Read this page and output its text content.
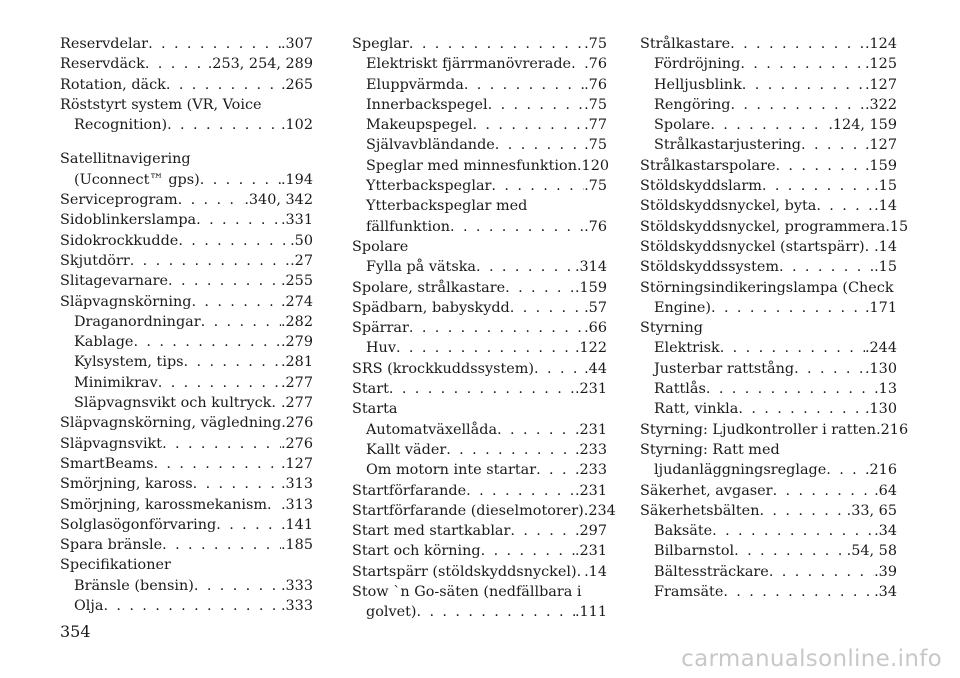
Reservdelar . . .	.307
Reservdäck . . .	.253, 254, 289
Rotation, däck . . .	.265
Röststyrt system (VR, Voice
Recognition) . . .	.102
Satellitnavigering
(Uconnect™ gps) . . .	.194
Serviceprogram . . .	.340, 342
Sidoblinkerslampa . . .	.331
Sidokrockkudde . . .	.50
Skjutdörr . . .	.27
Slitagevarnare . . .	.255
Släpvagnskörning . . .	.274
Draganordningar . . .	.282
Kablage . . .	.279
Kylsystem, tips . . .	.281
Minimikrav . . .	.277
Släpvagnsvikt och kultryck . . . .277
Släpvagnskörning, vägledning .276
Släpvagnsvikt . . .	.276
SmartBeams . . .	.127
Smörjning, kaross . . .	.313
Smörjning, karossmekanism . . . .313
Solglasögonförvaring . . .	.141
Spara bränsle . . .	.185
Specifikationer
Bränsle (bensin) . . .	.333
Olja . . .	.333
Speglar . . .	.75
Elektriskt fjärrmanövrerade . . . .76
Eluppvärmda . . .	.76
Innerbackspegel . . .	.75
Makeupspegel . . .	.77
Självavbländande . . .	.75
Speglar med minnesfunktion .120
Ytterbackspeglar . . .	.75
Ytterbackspeglar med
fällfunktion . . .	.76
Spolare
Fylla på vätska . . .	.314
Spolare, strålkastare . . .	.159
Spädbarn, babyskydd . . .	.57
Spärrar . . .	.66
Huv . . .	.122
SRS (krockkuddssystem) . . .	.44
Start . . .	.231
Starta
Automatväxellåda . . .	.231
Kallt väder . . .	.233
Om motorn inte startar . . .	.233
Startförfarande . . .	.231
Startförfarande (dieselmotorer) .234
Start med startkablar . . .	.297
Start och körning . . .	.231
Startspärr (stöldskyddsnyckel) . . . .14
Stow `n Go-säten (nedfällbara i
golvet) . . .	.111
Strålkastare . . .	.124
Fördröjning . . .	.125
Helljusblink . . .	.127
Rengöring . . .	.322
Spolare . . .	.124, 159
Strålkastarjustering . . .	.127
Strålkastarspolare . . .	.159
Stöldskyddslarm . . .	.15
Stöldskyddsnyckel, byta . . .	.14
Stöldskyddsnyckel, programmera .15
Stöldskyddsnyckel (startspärr) . . . .14
Stöldskyddssystem . . .	.15
Störningsindikeringslampa (Check
Engine) . . .	.171
Styrning
Elektrisk . . .	.244
Justerbar rattstång . . .	.130
Rattlås . . .	.13
Ratt, vinkla . . .	.130
Styrning: Ljudkontroller i ratten .216
Styrning: Ratt med
ljudanläggningsreglage . . .	.216
Säkerhet, avgaser . . .	.64
Säkerhetsbälten . . .	.33, 65
Baksäte . . .	.34
Bilbarnstol . . .	.54, 58
Bältessträckare . . .	.39
Framsäte . . .	.34
354
carmanualsonline.info
